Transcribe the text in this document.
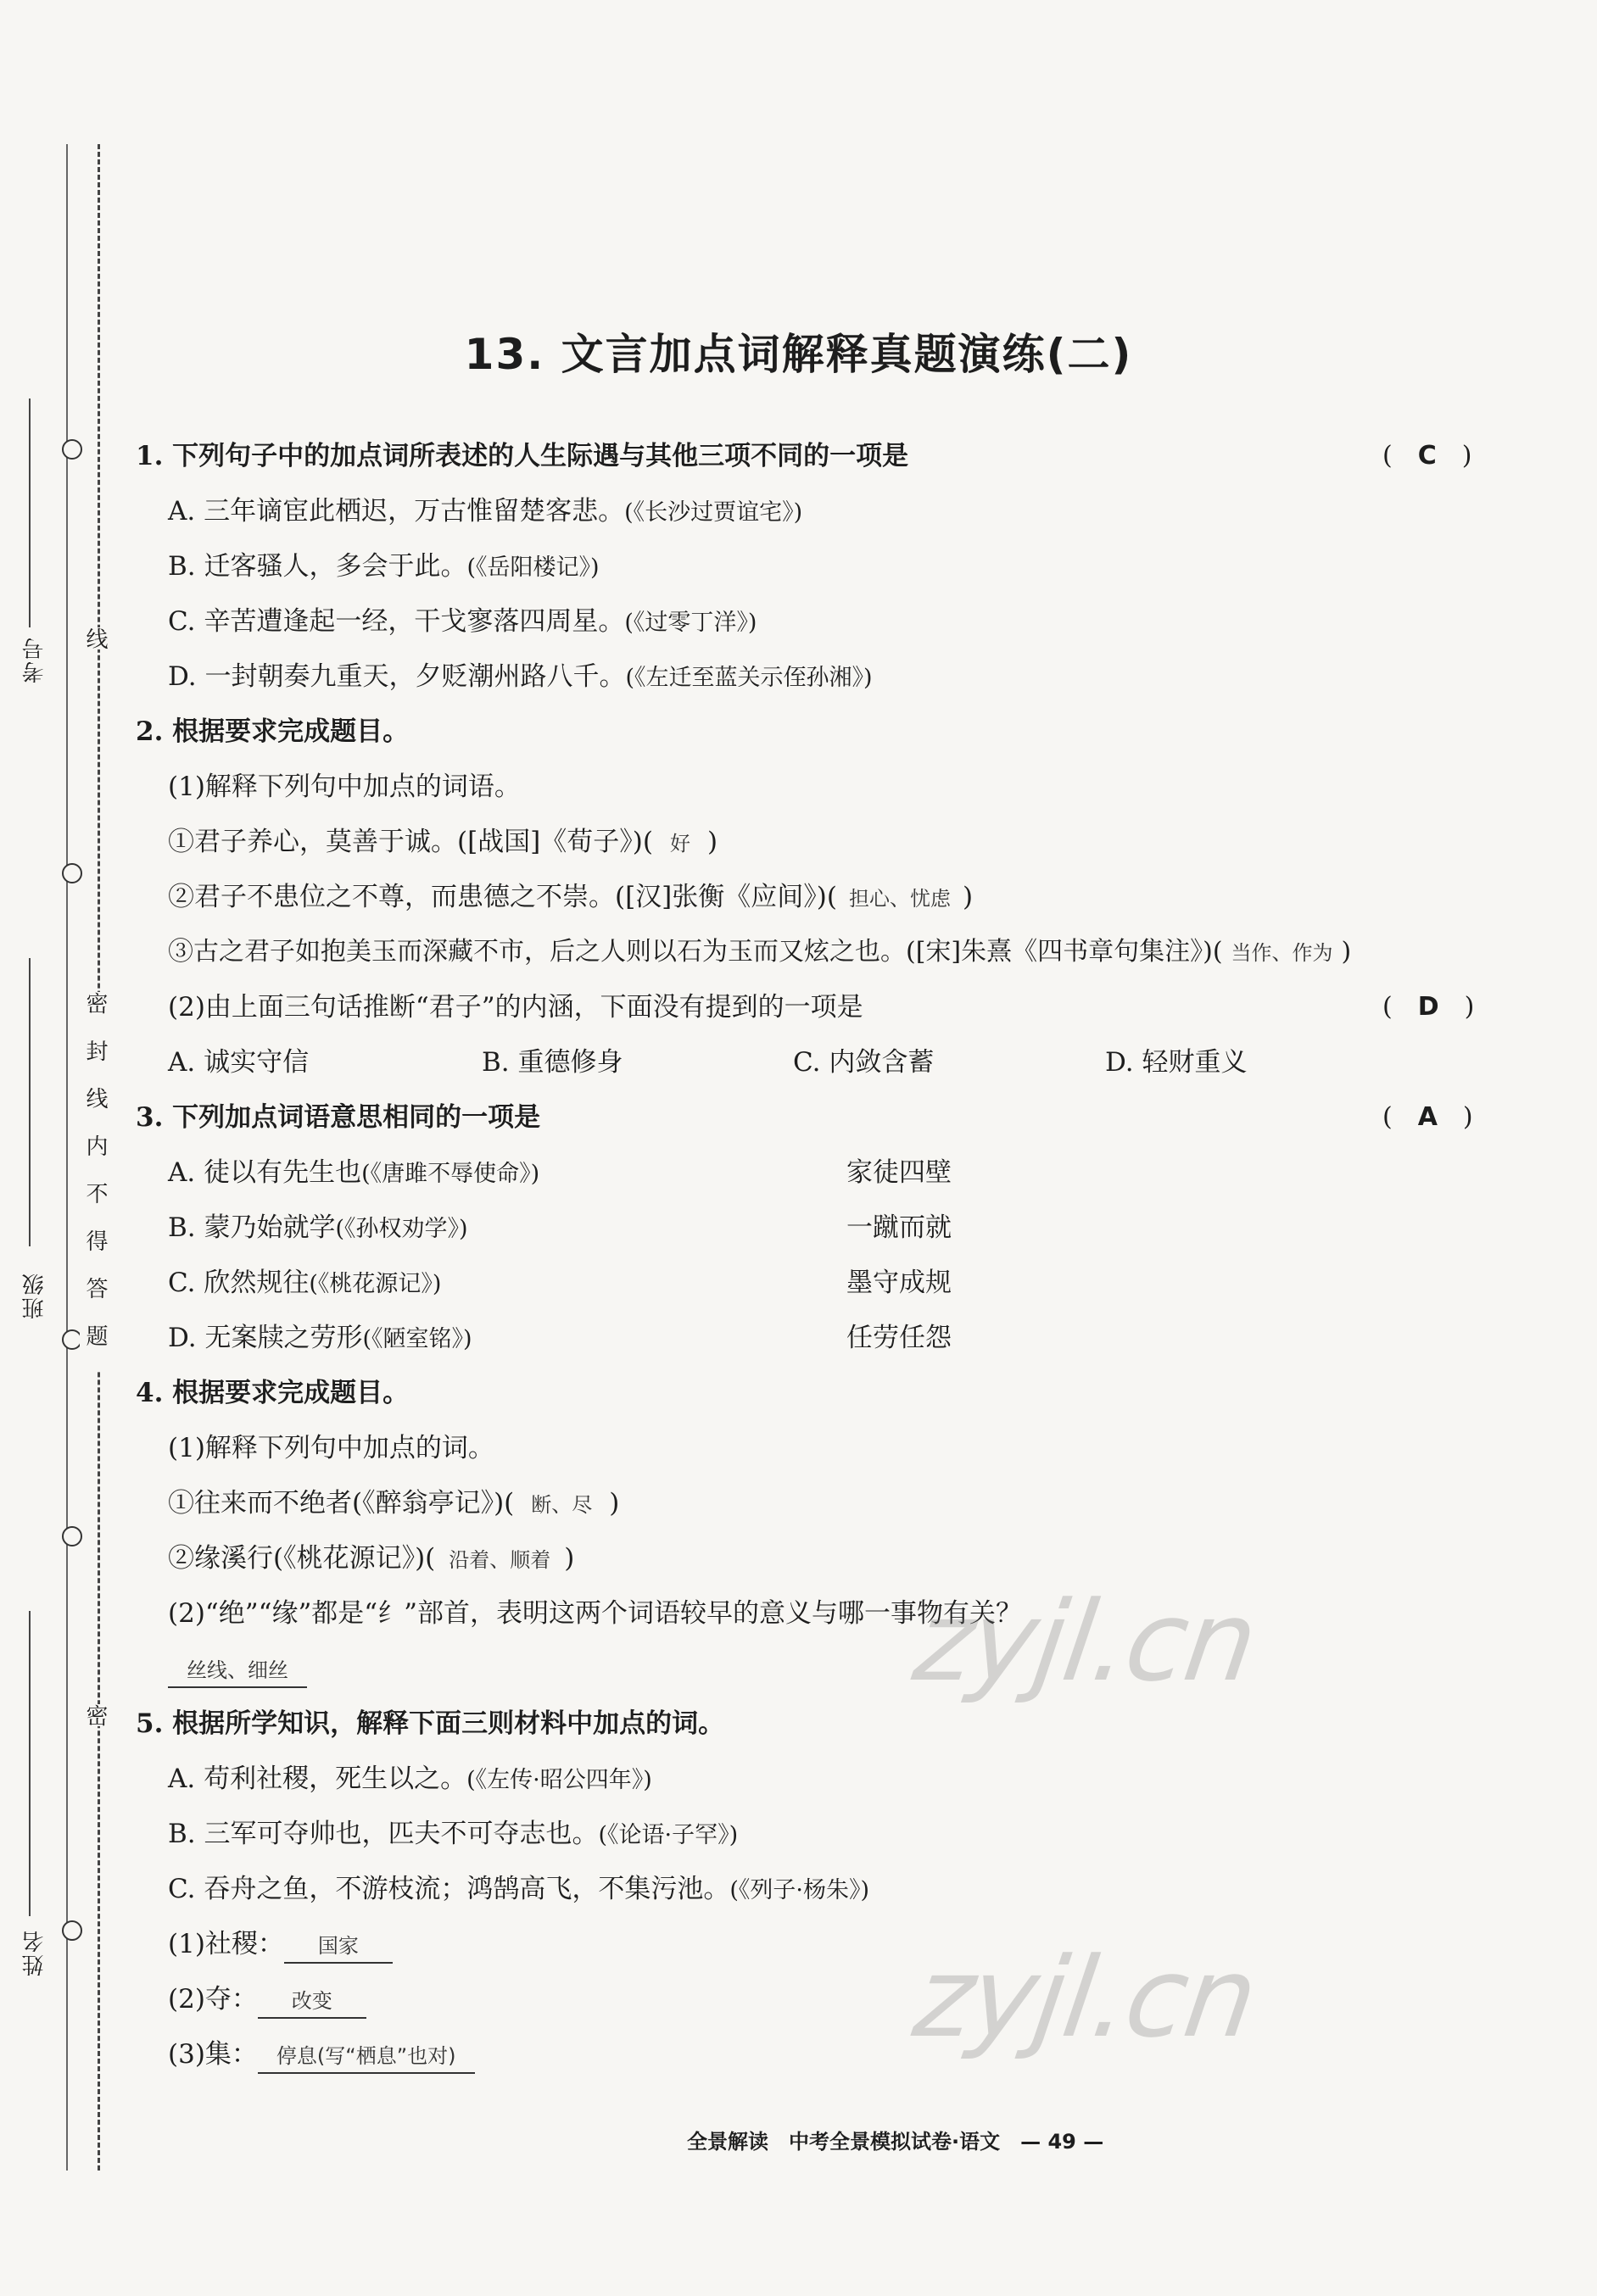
考号
班级
姓名
线
密封线内不得答题
密
13. 文言加点词解释真题演练(二)
1. 下列句子中的加点词所表述的人生际遇与其他三项不同的一项是	(　C　)
A. 三年谪宦此栖迟，万古惟留楚客悲。(《长沙过贾谊宅》)
B. 迁客骚人，多会于此。(《岳阳楼记》)
C. 辛苦遭逢起一经，干戈寥落四周星。(《过零丁洋》)
D. 一封朝奏九重天，夕贬潮州路八千。(《左迁至蓝关示侄孙湘》)
2. 根据要求完成题目。
(1)解释下列句中加点的词语。
①君子养心，莫善于诚。([战国]《荀子》)( 好 )
②君子不患位之不尊，而患德之不崇。([汉]张衡《应间》)( 担心、忧虑 )
③古之君子如抱美玉而深藏不市，后之人则以石为玉而又炫之也。([宋]朱熹《四书章句集注》)( 当作、作为 )
(2)由上面三句话推断“君子”的内涵，下面没有提到的一项是	(　D　)
A. 诚实守信	B. 重德修身	C. 内敛含蓄	D. 轻财重义
3. 下列加点词语意思相同的一项是	(　A　)
A. 徒以有先生也(《唐雎不辱使命》)	家徒四壁
B. 蒙乃始就学(《孙权劝学》)	一蹴而就
C. 欣然规往(《桃花源记》)	墨守成规
D. 无案牍之劳形(《陋室铭》)	任劳任怨
4. 根据要求完成题目。
(1)解释下列句中加点的词。
①往来而不绝者(《醉翁亭记》)( 断、尽 )
②缘溪行(《桃花源记》)( 沿着、顺着 )
(2)“绝”“缘”都是“纟”部首，表明这两个词语较早的意义与哪一事物有关？
丝线、细丝
5. 根据所学知识，解释下面三则材料中加点的词。
A. 苟利社稷，死生以之。(《左传·昭公四年》)
B. 三军可夺帅也，匹夫不可夺志也。(《论语·子罕》)
C. 吞舟之鱼，不游枝流；鸿鹄高飞，不集污池。(《列子·杨朱》)
(1)社稷： 国家
(2)夺： 改变
(3)集： 停息(写“栖息”也对)
zyjl.cn
zyjl.cn
全景解读　中考全景模拟试卷·语文　— 49 —
